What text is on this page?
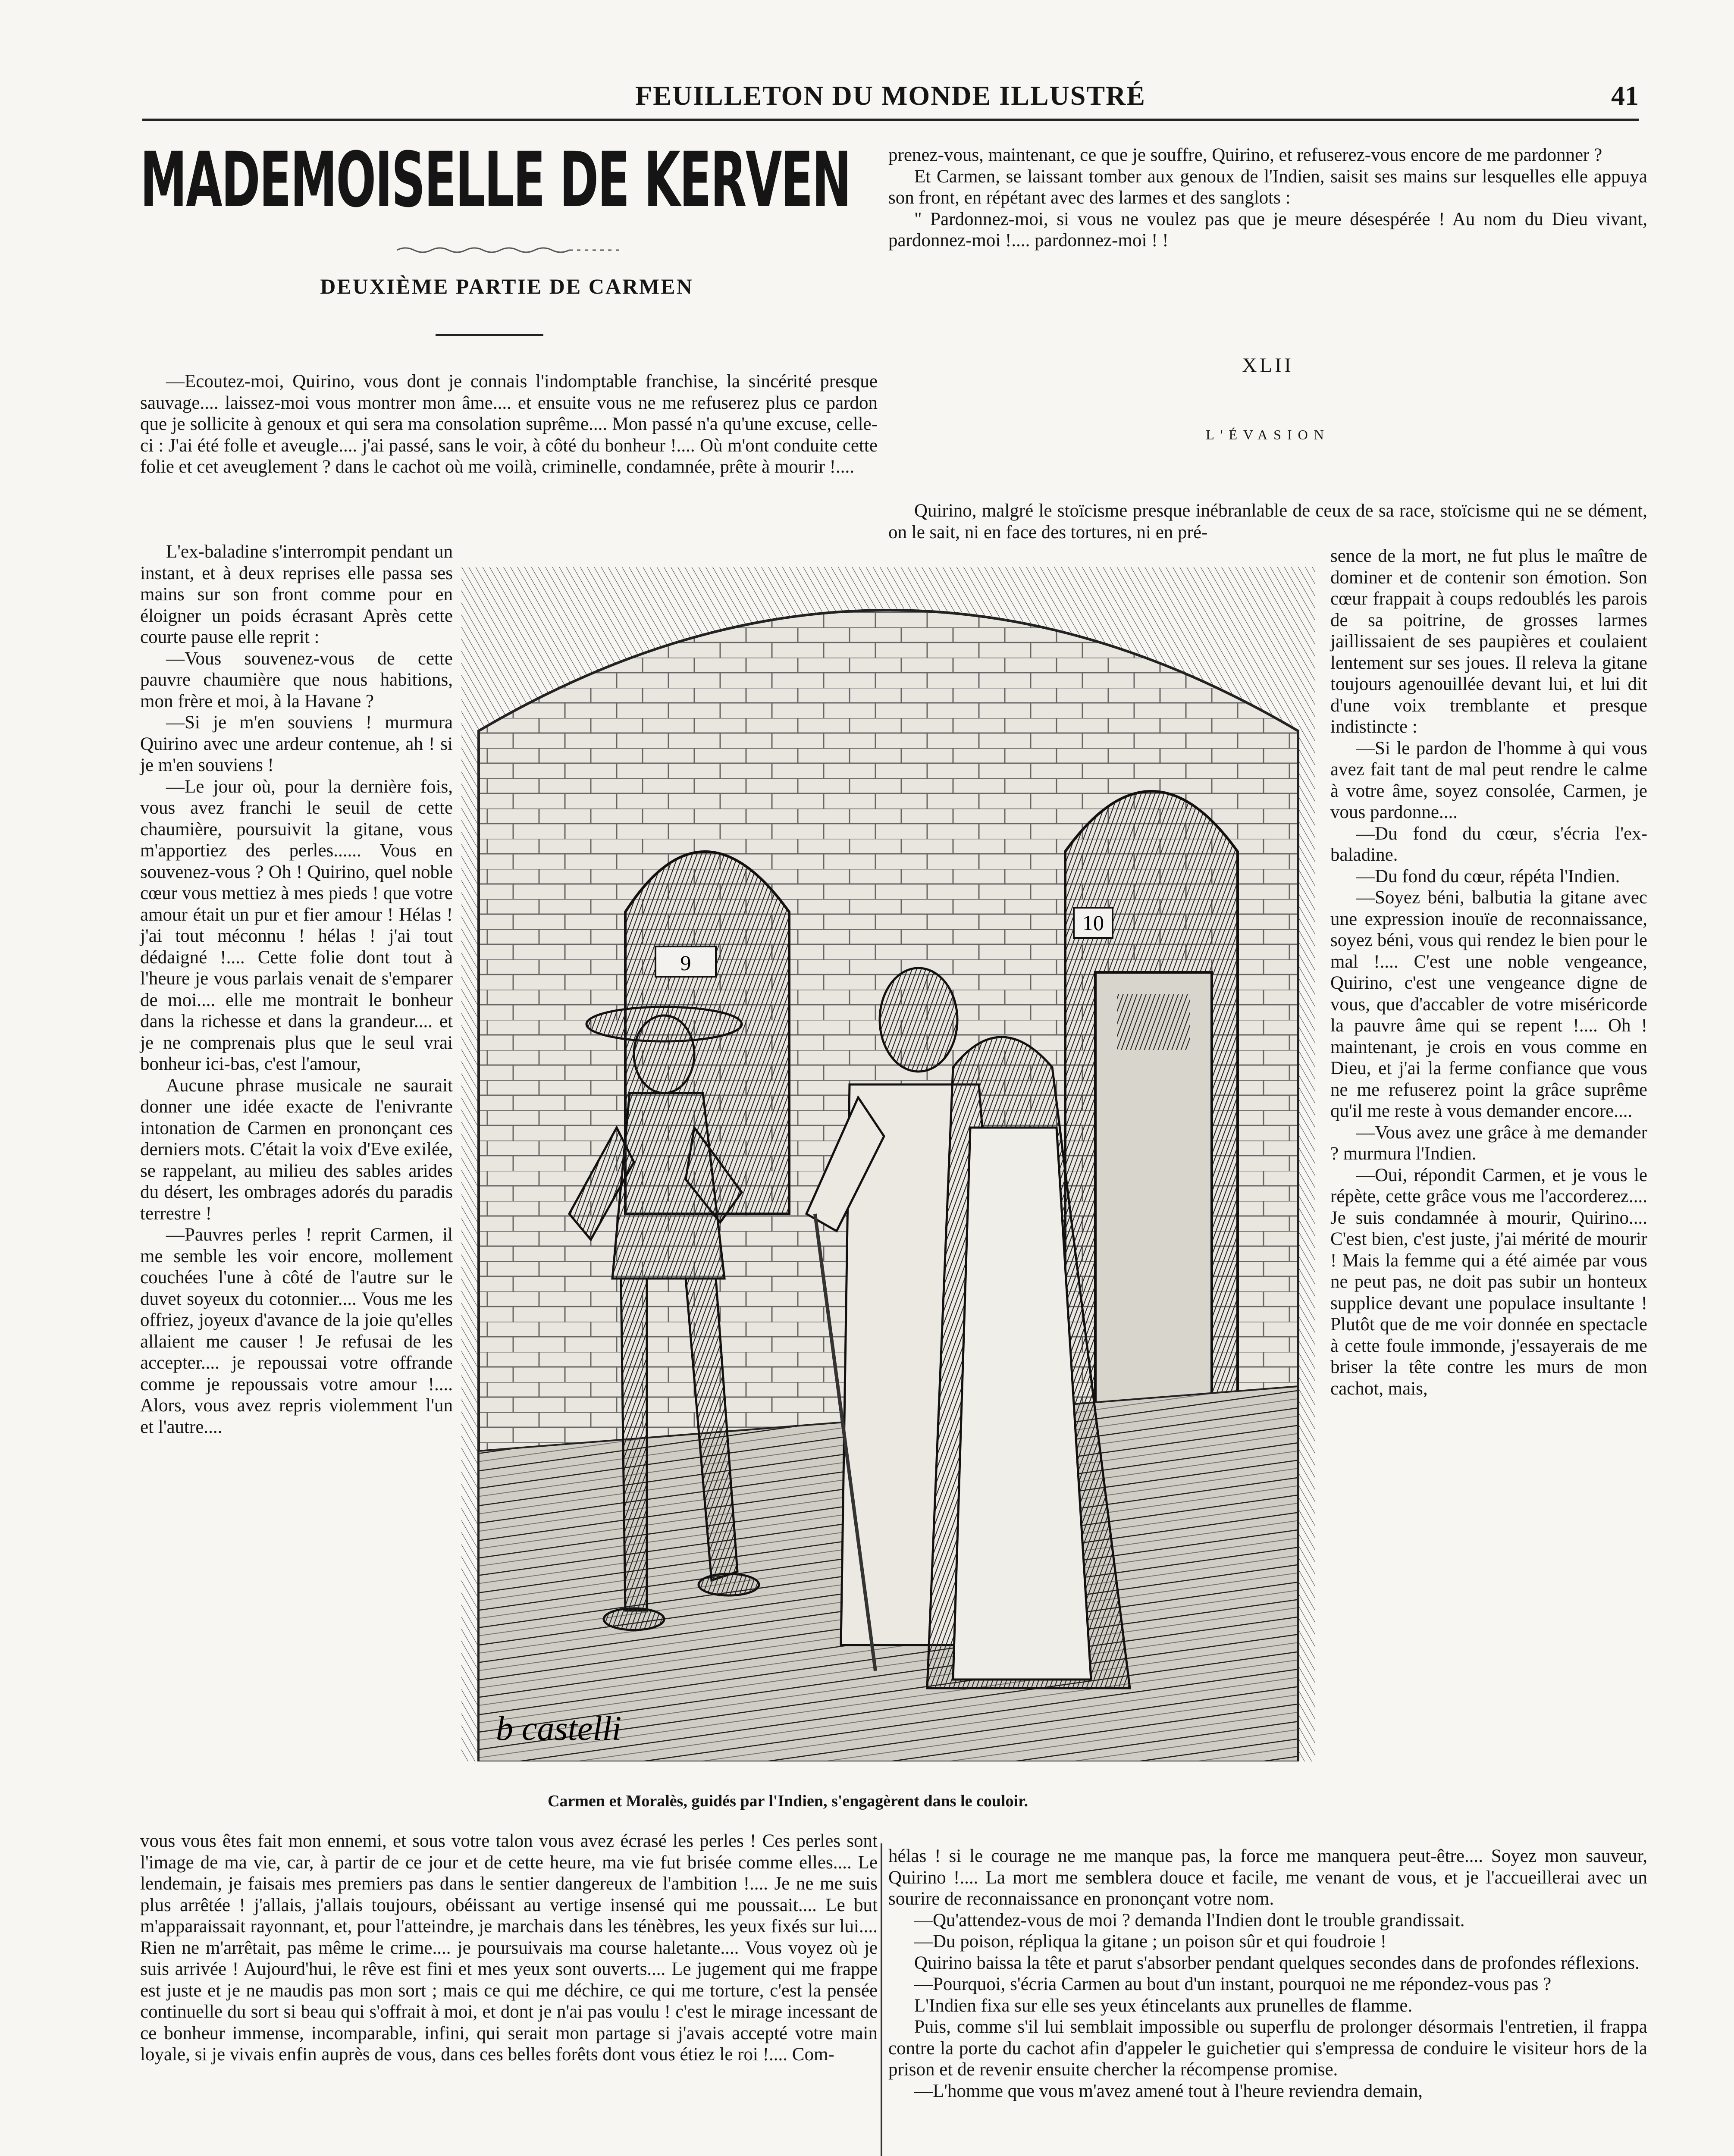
FEUILLETON DU MONDE ILLUSTRÉ	41
MADEMOISELLE DE KERVEN
DEUXIÈME PARTIE DE CARMEN

—Ecoutez-moi, Quirino, vous dont je connais l'indomptable franchise, la sincérité presque sauvage.... laissez-moi vous montrer mon âme.... et ensuite vous ne me refuserez plus ce pardon que je sollicite à genoux et qui sera ma consolation suprême.... Mon passé n'a qu'une excuse, celle-ci : J'ai été folle et aveugle.... j'ai passé, sans le voir, à côté du bonheur !.... Où m'ont conduite cette folie et cet aveuglement ? dans le cachot où me voilà, criminelle, condamnée, prête à mourir !....

L'ex-baladine s'interrompit pendant un instant, et à deux reprises elle passa ses mains sur son front comme pour en éloigner un poids écrasant Après cette courte pause elle reprit :

—Vous souvenez-vous de cette pauvre chaumière que nous habitions, mon frère et moi, à la Havane ?

—Si je m'en souviens ! murmura Quirino avec une ardeur contenue, ah ! si je m'en souviens !

—Le jour où, pour la dernière fois, vous avez franchi le seuil de cette chaumière, poursuivit la gitane, vous m'apportiez des perles...... Vous en souvenez-vous ? Oh ! Quirino, quel noble cœur vous mettiez à mes pieds ! que votre amour était un pur et fier amour ! Hélas ! j'ai tout méconnu ! hélas ! j'ai tout dédaigné !.... Cette folie dont tout à l'heure je vous parlais venait de s'emparer de moi.... elle me montrait le bonheur dans la richesse et dans la grandeur.... et je ne comprenais plus que le seul vrai bonheur ici-bas, c'est l'amour,

Aucune phrase musicale ne saurait donner une idée exacte de l'enivrante intonation de Carmen en prononçant ces derniers mots. C'était la voix d'Eve exilée, se rappelant, au milieu des sables arides du désert, les ombrages adorés du paradis terrestre !

—Pauvres perles ! reprit Carmen, il me semble les voir encore, mollement couchées l'une à côté de l'autre sur le duvet soyeux du cotonnier.... Vous me les offriez, joyeux d'avance de la joie qu'elles allaient me causer ! Je refusai de les accepter.... je repoussai votre offrande comme je repoussais votre amour !.... Alors, vous avez repris violemment l'un et l'autre....

vous vous êtes fait mon ennemi, et sous votre talon vous avez écrasé les perles ! Ces perles sont l'image de ma vie, car, à partir de ce jour et de cette heure, ma vie fut brisée comme elles.... Le lendemain, je faisais mes premiers pas dans le sentier dangereux de l'ambition !.... Je ne me suis plus arrêtée ! j'allais, j'allais toujours, obéissant au vertige insensé qui me poussait.... Le but m'apparaissait rayonnant, et, pour l'atteindre, je marchais dans les ténèbres, les yeux fixés sur lui.... Rien ne m'arrêtait, pas même le crime.... je poursuivais ma course haletante.... Vous voyez où je suis arrivée ! Aujourd'hui, le rêve est fini et mes yeux sont ouverts.... Le jugement qui me frappe est juste et je ne maudis pas mon sort ; mais ce qui me déchire, ce qui me torture, c'est la pensée continuelle du sort si beau qui s'offrait à moi, et dont je n'ai pas voulu ! c'est le mirage incessant de ce bonheur immense, incomparable, infini, qui serait mon partage si j'avais accepté votre main loyale, si je vivais enfin auprès de vous, dans ces belles forêts dont vous étiez le roi !.... Com-

prenez-vous, maintenant, ce que je souffre, Quirino, et refuserez-vous encore de me pardonner ?

Et Carmen, se laissant tomber aux genoux de l'Indien, saisit ses mains sur lesquelles elle appuya son front, en répétant avec des larmes et des sanglots :

" Pardonnez-moi, si vous ne voulez pas que je meure désespérée ! Au nom du Dieu vivant, pardonnez-moi !.... pardonnez-moi ! !

XLII
L'ÉVASION

Quirino, malgré le stoïcisme presque inébranlable de ceux de sa race, stoïcisme qui ne se dément, on le sait, ni en face des tortures, ni en pré-

sence de la mort, ne fut plus le maître de dominer et de contenir son émotion. Son cœur frappait à coups redoublés les parois de sa poitrine, de grosses larmes jaillissaient de ses paupières et coulaient lentement sur ses joues. Il releva la gitane toujours agenouillée devant lui, et lui dit d'une voix tremblante et presque indistincte :

—Si le pardon de l'homme à qui vous avez fait tant de mal peut rendre le calme à votre âme, soyez consolée, Carmen, je vous pardonne....

—Du fond du cœur, s'écria l'ex-baladine.

—Du fond du cœur, répéta l'Indien.

—Soyez béni, balbutia la gitane avec une expression inouïe de reconnaissance, soyez béni, vous qui rendez le bien pour le mal !.... C'est une noble vengeance, Quirino, c'est une vengeance digne de vous, que d'accabler de votre miséricorde la pauvre âme qui se repent !.... Oh ! maintenant, je crois en vous comme en Dieu, et j'ai la ferme confiance que vous ne me refuserez point la grâce suprême qu'il me reste à vous demander encore....

—Vous avez une grâce à me demander ? murmura l'Indien.

—Oui, répondit Carmen, et je vous le répète, cette grâce vous me l'accorderez.... Je suis condamnée à mourir, Quirino.... C'est bien, c'est juste, j'ai mérité de mourir ! Mais la femme qui a été aimée par vous ne peut pas, ne doit pas subir un honteux supplice devant une populace insultante ! Plutôt que de me voir donnée en spectacle à cette foule immonde, j'essayerais de me briser la tête contre les murs de mon cachot, mais,

hélas ! si le courage ne me manque pas, la force me manquera peut-être.... Soyez mon sauveur, Quirino !.... La mort me semblera douce et facile, me venant de vous, et je l'accueillerai avec un sourire de reconnaissance en prononçant votre nom.

—Qu'attendez-vous de moi ? demanda l'Indien dont le trouble grandissait.

—Du poison, répliqua la gitane ; un poison sûr et qui foudroie !

Quirino baissa la tête et parut s'absorber pendant quelques secondes dans de profondes réflexions.

—Pourquoi, s'écria Carmen au bout d'un instant, pourquoi ne me répondez-vous pas ?

L'Indien fixa sur elle ses yeux étincelants aux prunelles de flamme.

Puis, comme s'il lui semblait impossible ou superflu de prolonger désormais l'entretien, il frappa contre la porte du cachot afin d'appeler le guichetier qui s'empressa de conduire le visiteur hors de la prison et de revenir ensuite chercher la récompense promise.

—L'homme que vous m'avez amené tout à l'heure reviendra demain,

10
9
b castelli
Carmen et Moralès, guidés par l'Indien, s'engagèrent dans le couloir.
